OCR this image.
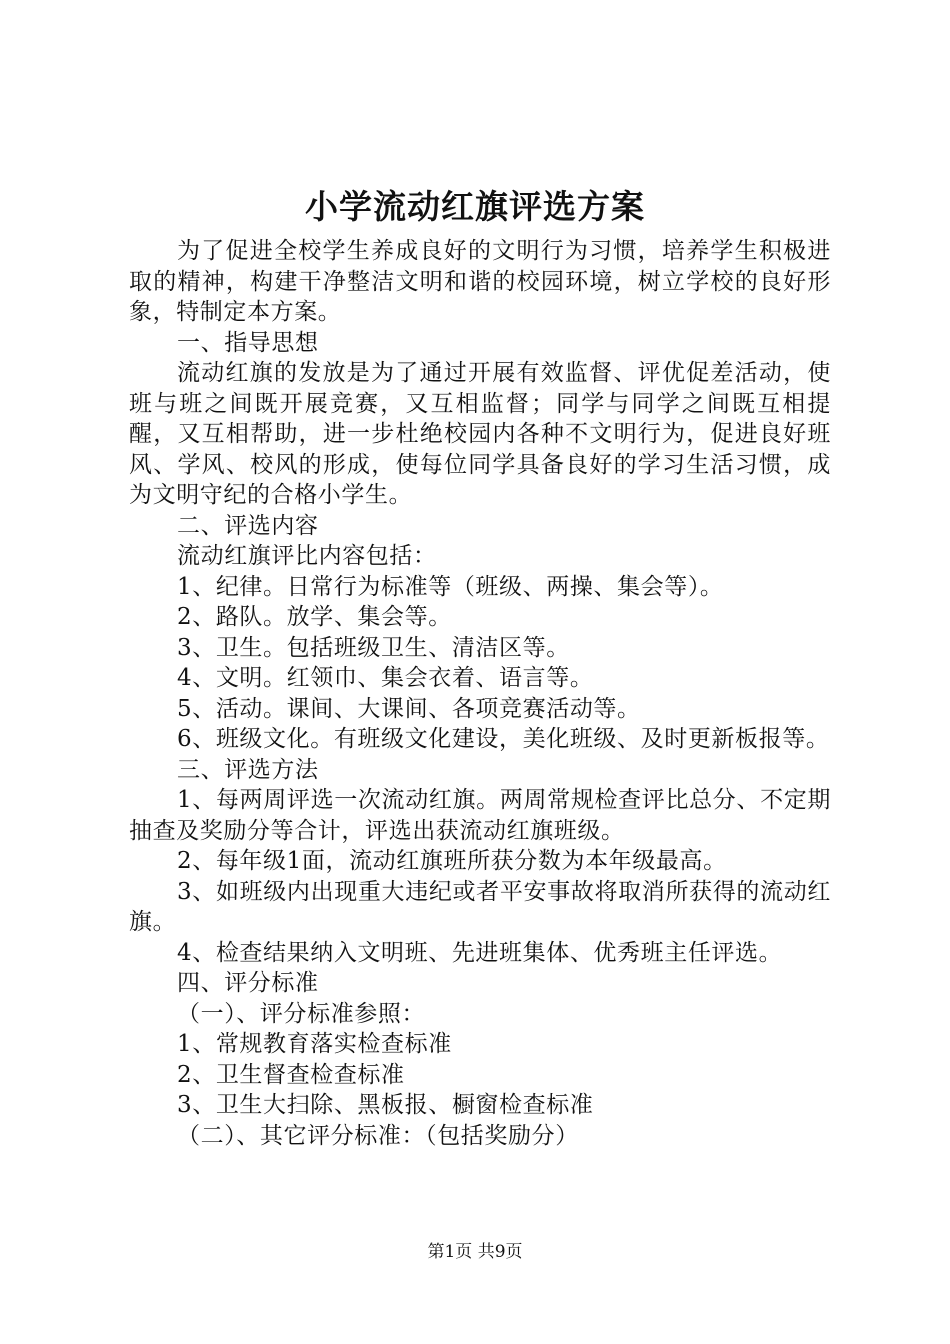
小学流动红旗评选方案

为了促进全校学生养成良好的文明行为习惯，培养学生积极进取的精神，构建干净整洁文明和谐的校园环境，树立学校的良好形象，特制定本方案。

一、指导思想

流动红旗的发放是为了通过开展有效监督、评优促差活动，使班与班之间既开展竞赛，又互相监督；同学与同学之间既互相提醒，又互相帮助，进一步杜绝校园内各种不文明行为，促进良好班风、学风、校风的形成，使每位同学具备良好的学习生活习惯，成为文明守纪的合格小学生。

二、评选内容

流动红旗评比内容包括：

1、纪律。日常行为标准等（班级、两操、集会等）。

2、路队。放学、集会等。

3、卫生。包括班级卫生、清洁区等。

4、文明。红领巾、集会衣着、语言等。

5、活动。课间、大课间、各项竞赛活动等。

6、班级文化。有班级文化建设，美化班级、及时更新板报等。

三、评选方法

1、每两周评选一次流动红旗。两周常规检查评比总分、不定期抽查及奖励分等合计，评选出获流动红旗班级。

2、每年级1面，流动红旗班所获分数为本年级最高。

3、如班级内出现重大违纪或者平安事故将取消所获得的流动红旗。

4、检查结果纳入文明班、先进班集体、优秀班主任评选。

四、评分标准

（一）、评分标准参照：

1、常规教育落实检查标准

2、卫生督查检查标准

3、卫生大扫除、黑板报、橱窗检查标准

（二）、其它评分标准：（包括奖励分）

第1页 共9页
